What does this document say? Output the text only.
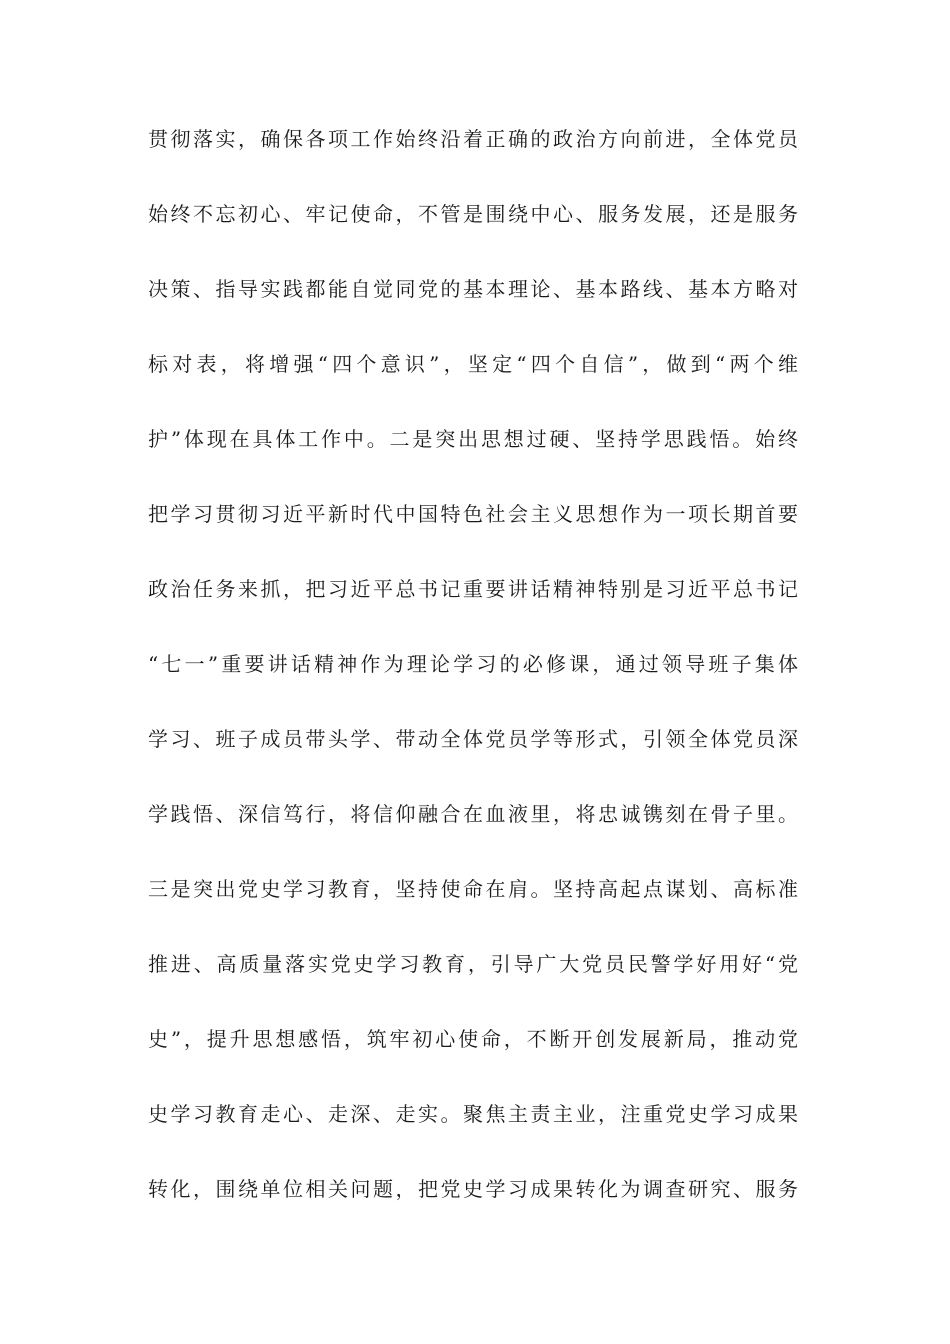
贯彻落实，确保各项工作始终沿着正确的政治方向前进，全体党员
始终不忘初心、牢记使命，不管是围绕中心、服务发展，还是服务
决策、指导实践都能自觉同党的基本理论、基本路线、基本方略对
标对表，将增强“四个意识”，坚定“四个自信”，做到“两个维
护”体现在具体工作中。二是突出思想过硬、坚持学思践悟。始终
把学习贯彻习近平新时代中国特色社会主义思想作为一项长期首要
政治任务来抓，把习近平总书记重要讲话精神特别是习近平总书记
“七一”重要讲话精神作为理论学习的必修课，通过领导班子集体
学习、班子成员带头学、带动全体党员学等形式，引领全体党员深
学践悟、深信笃行，将信仰融合在血液里，将忠诚镌刻在骨子里。
三是突出党史学习教育，坚持使命在肩。坚持高起点谋划、高标准
推进、高质量落实党史学习教育，引导广大党员民警学好用好“党
史”，提升思想感悟，筑牢初心使命，不断开创发展新局，推动党
史学习教育走心、走深、走实。聚焦主责主业，注重党史学习成果
转化，围绕单位相关问题，把党史学习成果转化为调查研究、服务
